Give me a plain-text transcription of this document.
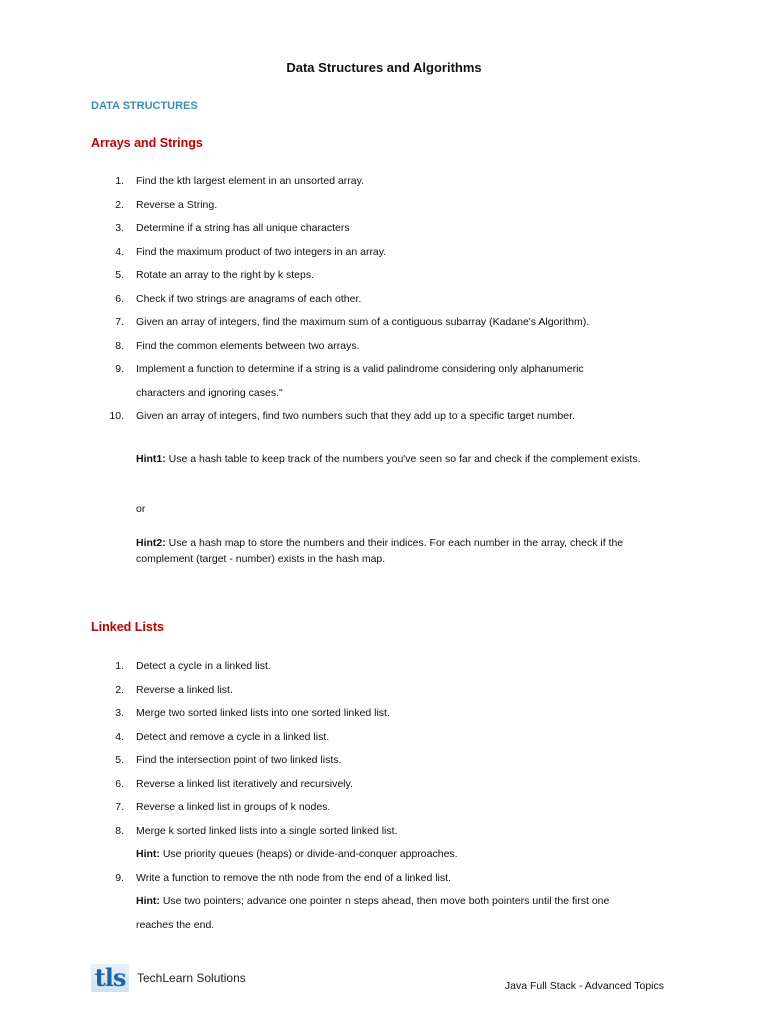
Data Structures and Algorithms
DATA STRUCTURES
Arrays and Strings
1. Find the kth largest element in an unsorted array.
2. Reverse a String.
3. Determine if a string has all unique characters
4. Find the maximum product of two integers in an array.
5. Rotate an array to the right by k steps.
6. Check if two strings are anagrams of each other.
7. Given an array of integers, find the maximum sum of a contiguous subarray (Kadane's Algorithm).
8. Find the common elements between two arrays.
9. Implement a function to determine if a string is a valid palindrome considering only alphanumeric
characters and ignoring cases."
10. Given an array of integers, find two numbers such that they add up to a specific target number.
Hint1: Use a hash table to keep track of the numbers you've seen so far and check if the complement exists.
or
Hint2: Use a hash map to store the numbers and their indices. For each number in the array, check if the complement (target - number) exists in the hash map.
Linked Lists
1. Detect a cycle in a linked list.
2. Reverse a linked list.
3. Merge two sorted linked lists into one sorted linked list.
4. Detect and remove a cycle in a linked list.
5. Find the intersection point of two linked lists.
6. Reverse a linked list iteratively and recursively.
7. Reverse a linked list in groups of k nodes.
8. Merge k sorted linked lists into a single sorted linked list.
Hint: Use priority queues (heaps) or divide-and-conquer approaches.
9. Write a function to remove the nth node from the end of a linked list.
Hint: Use two pointers; advance one pointer n steps ahead, then move both pointers until the first one
reaches the end.
tls TechLearn Solutions
Java Full Stack - Advanced Topics
